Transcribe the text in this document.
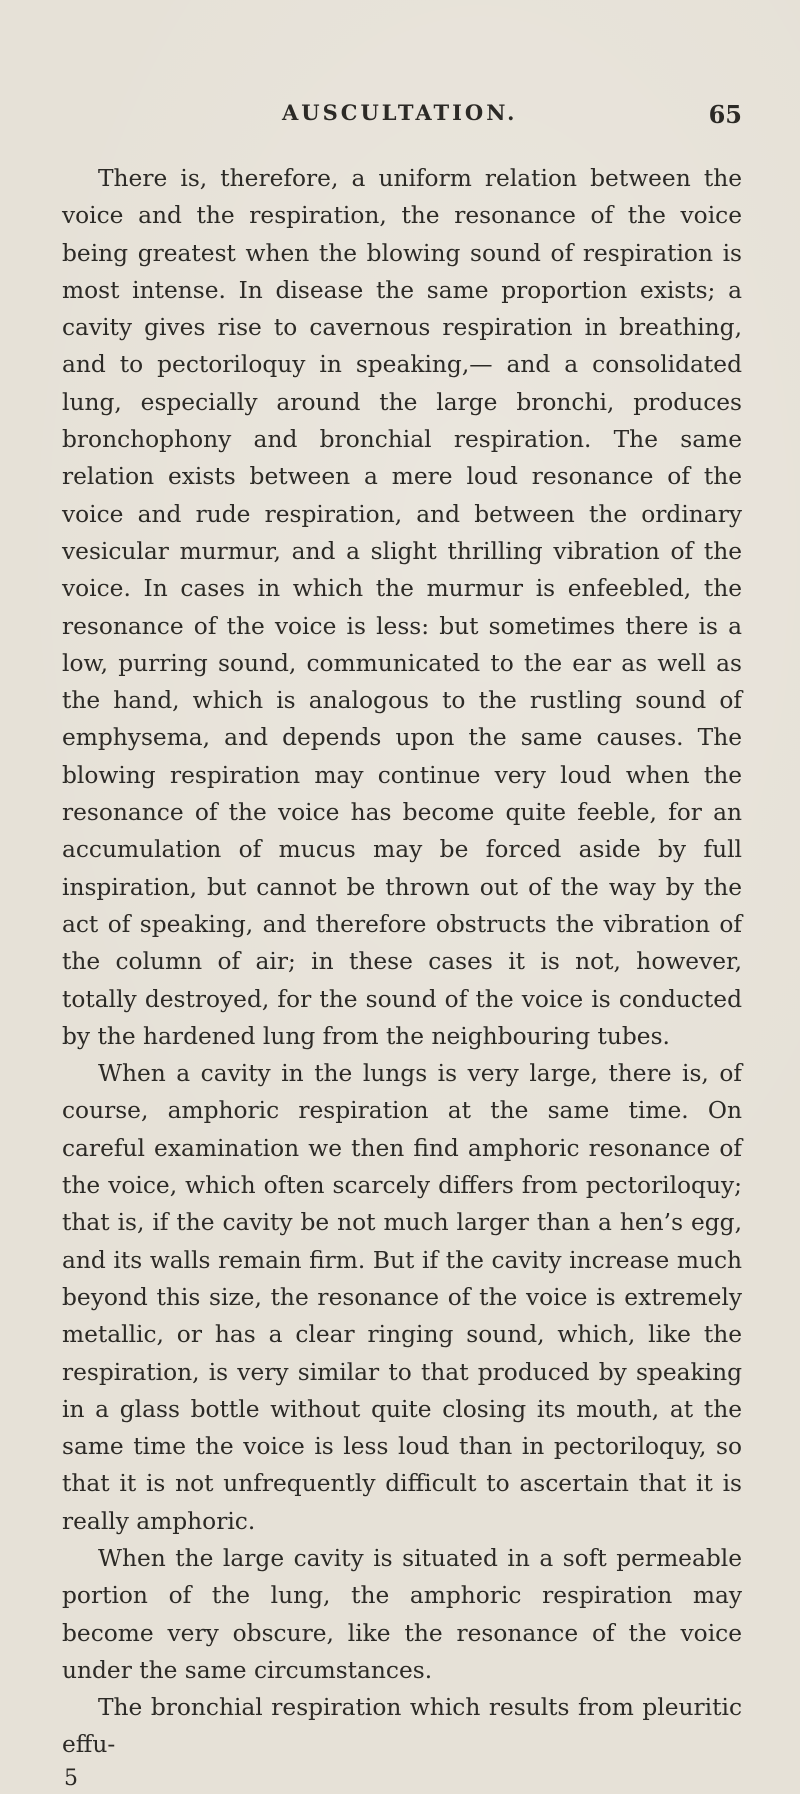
AUSCULTATION.	65

There is, therefore, a uniform relation between the voice and the respiration, the resonance of the voice being greatest when the blowing sound of respiration is most intense. In disease the same proportion exists; a cavity gives rise to cavernous respiration in breathing, and to pectoriloquy in speaking,— and a consolidated lung, especially around the large bronchi, produces bronchophony and bronchial respiration. The same relation exists between a mere loud resonance of the voice and rude respiration, and between the ordinary vesicular murmur, and a slight thrilling vibration of the voice. In cases in which the murmur is enfeebled, the resonance of the voice is less: but sometimes there is a low, purring sound, communicated to the ear as well as the hand, which is analogous to the rustling sound of emphysema, and depends upon the same causes. The blowing respiration may continue very loud when the resonance of the voice has become quite feeble, for an accumulation of mucus may be forced aside by full inspiration, but cannot be thrown out of the way by the act of speaking, and therefore obstructs the vibration of the column of air; in these cases it is not, however, totally destroyed, for the sound of the voice is conducted by the hardened lung from the neighbouring tubes.

When a cavity in the lungs is very large, there is, of course, amphoric respiration at the same time. On careful examination we then find amphoric resonance of the voice, which often scarcely differs from pectoriloquy; that is, if the cavity be not much larger than a hen’s egg, and its walls remain firm. But if the cavity increase much beyond this size, the resonance of the voice is extremely metallic, or has a clear ringing sound, which, like the respiration, is very similar to that produced by speaking in a glass bottle without quite closing its mouth, at the same time the voice is less loud than in pectoriloquy, so that it is not unfrequently difficult to ascertain that it is really amphoric.

When the large cavity is situated in a soft permeable portion of the lung, the amphoric respiration may become very obscure, like the resonance of the voice under the same circumstances.

The bronchial respiration which results from pleuritic effu-

5
